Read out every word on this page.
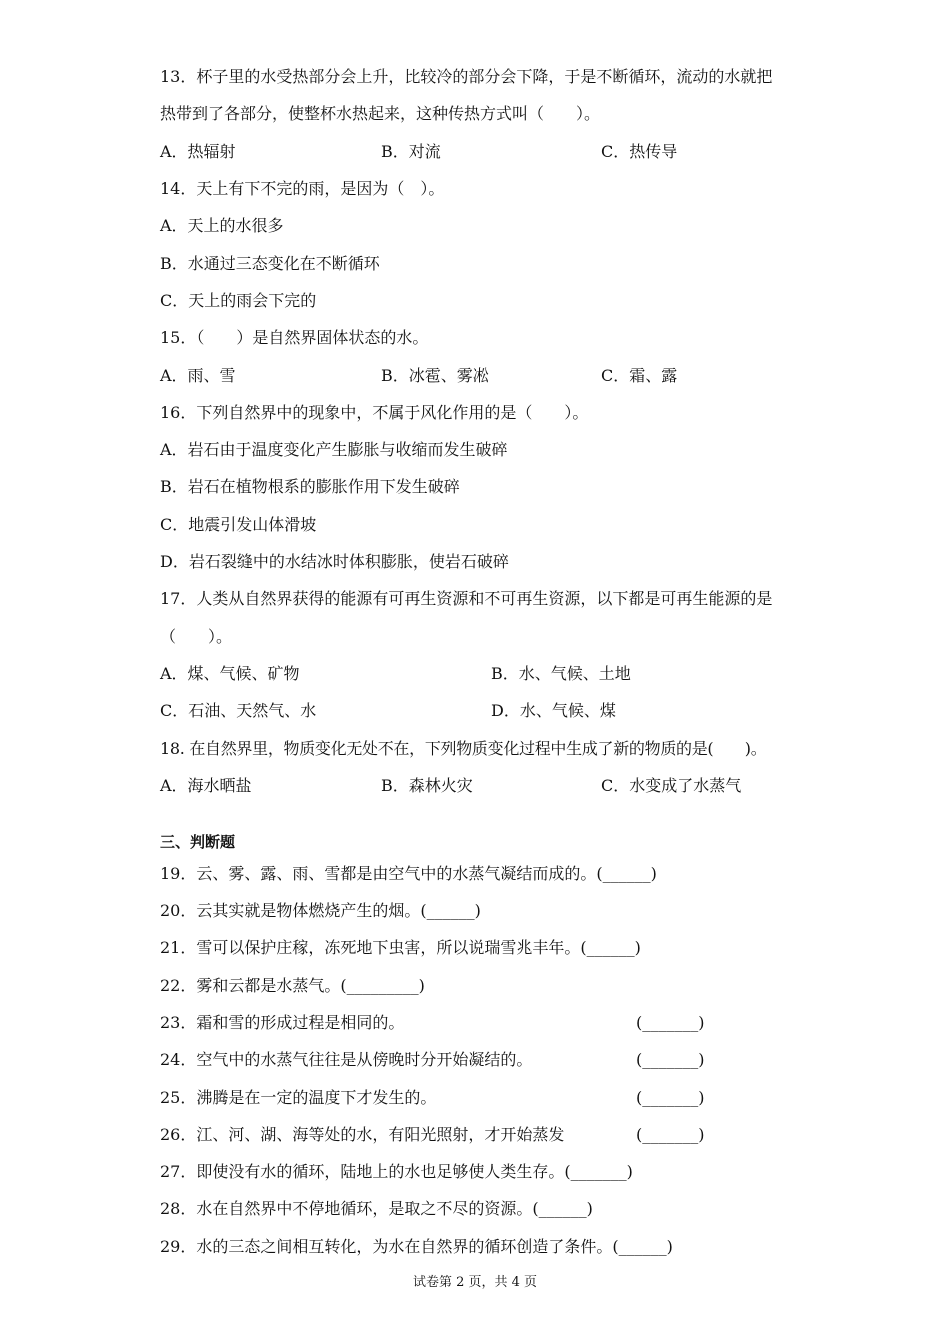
13．杯子里的水受热部分会上升，比较冷的部分会下降，于是不断循环，流动的水就把
热带到了各部分，使整杯水热起来，这种传热方式叫（　　）。
A．热辐射	B．对流	C．热传导
14．天上有下不完的雨，是因为（　）。
A．天上的水很多
B．水通过三态变化在不断循环
C．天上的雨会下完的
15．（　　）是自然界固体状态的水。
A．雨、雪	B．冰雹、雾凇	C．霜、露
16．下列自然界中的现象中，不属于风化作用的是（　　）。
A．岩石由于温度变化产生膨胀与收缩而发生破碎
B．岩石在植物根系的膨胀作用下发生破碎
C．地震引发山体滑坡
D．岩石裂缝中的水结冰时体积膨胀，使岩石破碎
17．人类从自然界获得的能源有可再生资源和不可再生资源，以下都是可再生能源的是
（　　）。
A．煤、气候、矿物	B．水、气候、土地
C．石油、天然气、水	D．水、气候、煤
18. 在自然界里，物质变化无处不在，下列物质变化过程中生成了新的物质的是(　　)。
A．海水晒盐	B．森林火灾	C．水变成了水蒸气
三、判断题
19．云、雾、露、雨、雪都是由空气中的水蒸气凝结而成的。(______)
20．云其实就是物体燃烧产生的烟。(______)
21．雪可以保护庄稼，冻死地下虫害，所以说瑞雪兆丰年。(______)
22．雾和云都是水蒸气。(_________)
23．霜和雪的形成过程是相同的。	(_______)
24．空气中的水蒸气往往是从傍晚时分开始凝结的。	(_______)
25．沸腾是在一定的温度下才发生的。	(_______)
26．江、河、湖、海等处的水，有阳光照射，才开始蒸发	(_______)
27．即使没有水的循环，陆地上的水也足够使人类生存。(_______)
28．水在自然界中不停地循环，是取之不尽的资源。(______)
29．水的三态之间相互转化，为水在自然界的循环创造了条件。(______)
试卷第 2 页，共 4 页
